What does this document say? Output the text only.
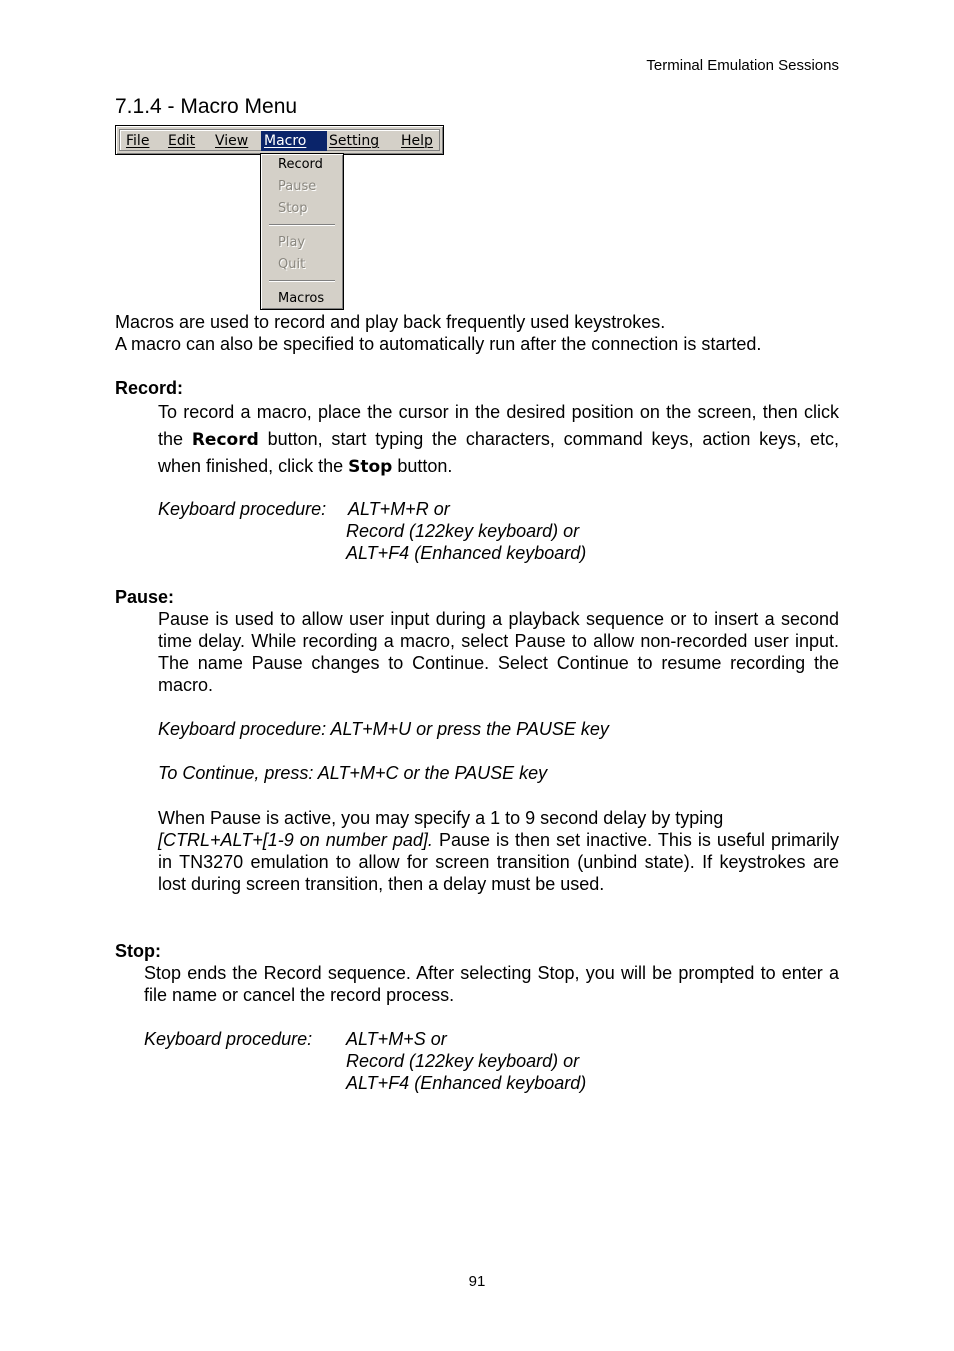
Terminal Emulation Sessions
7.1.4 - Macro Menu
File Edit View Macro	Setting Help
Record
Pause
Stop
Play
Quit
Macros
Macros are used to record and play back frequently used keystrokes.
A macro can also be specified to automatically run after the connection is started.
Record:
To record a macro, place the cursor in the desired position on the screen, then click the Record button, start typing the characters, command keys, action keys, etc, when finished, click the Stop button.
Keyboard procedure: ALT+M+R or
Record (122key keyboard) or
ALT+F4 (Enhanced keyboard)
Pause:
Pause is used to allow user input during a playback sequence or to insert a second time delay. While recording a macro, select Pause to allow non-recorded user input. The name Pause changes to Continue. Select Continue to resume recording the macro.
Keyboard procedure: ALT+M+U or press the PAUSE key
To Continue, press: ALT+M+C or the PAUSE key
When Pause is active, you may specify a 1 to 9 second delay by typing
[CTRL+ALT+[1-9 on number pad]. Pause is then set inactive. This is useful primarily in TN3270 emulation to allow for screen transition (unbind state). If keystrokes are lost during screen transition, then a delay must be used.
Stop:
Stop ends the Record sequence. After selecting Stop, you will be prompted to enter a file name or cancel the record process.
Keyboard procedure: ALT+M+S or
Record (122key keyboard) or
ALT+F4 (Enhanced keyboard)
91
